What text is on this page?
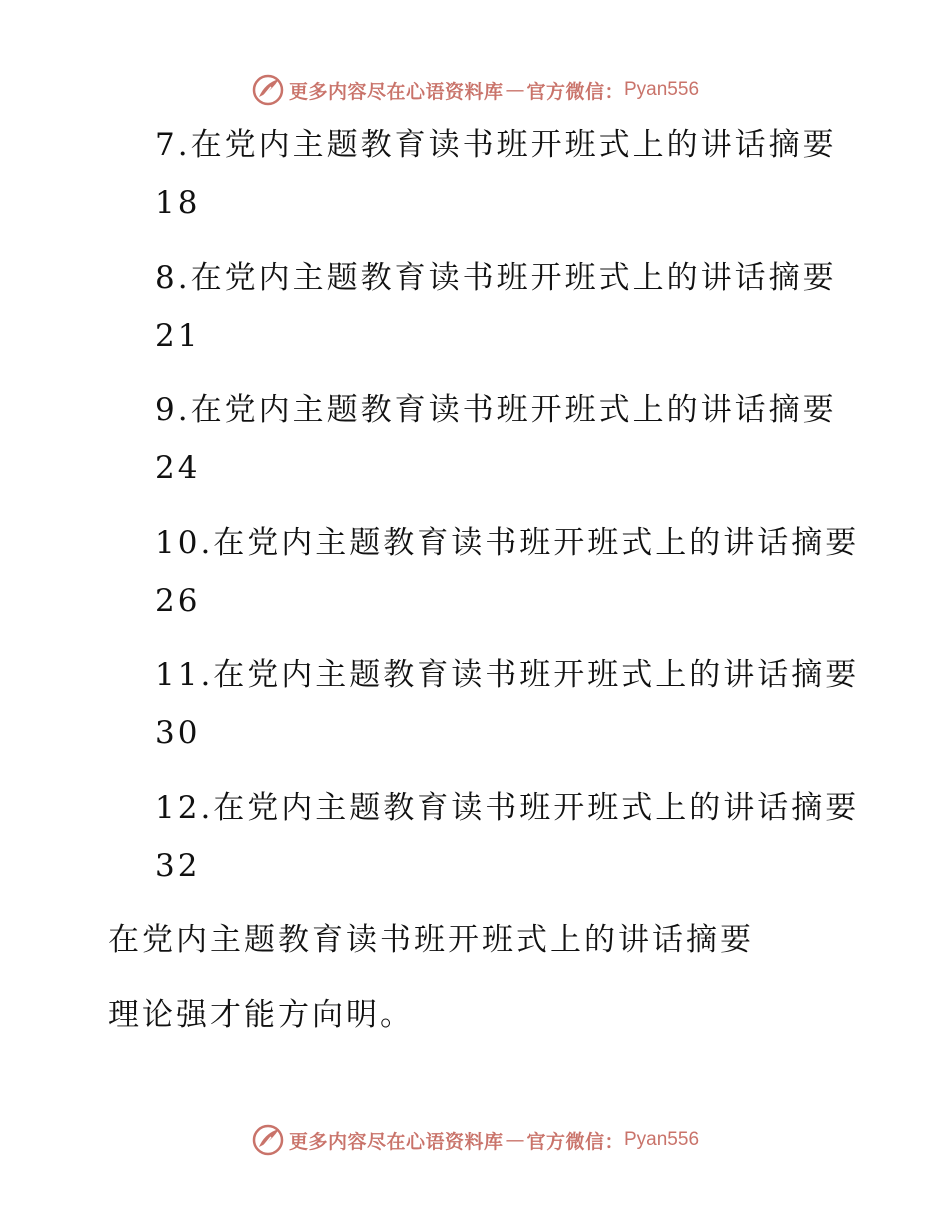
更多内容尽在心语资料库 — 官方微信： Pyan556
7.在党内主题教育读书班开班式上的讲话摘要
18
8.在党内主题教育读书班开班式上的讲话摘要
21
9.在党内主题教育读书班开班式上的讲话摘要
24
10.在党内主题教育读书班开班式上的讲话摘要
26
11.在党内主题教育读书班开班式上的讲话摘要
30
12.在党内主题教育读书班开班式上的讲话摘要
32
在党内主题教育读书班开班式上的讲话摘要
理论强才能方向明。
更多内容尽在心语资料库 — 官方微信： Pyan556
